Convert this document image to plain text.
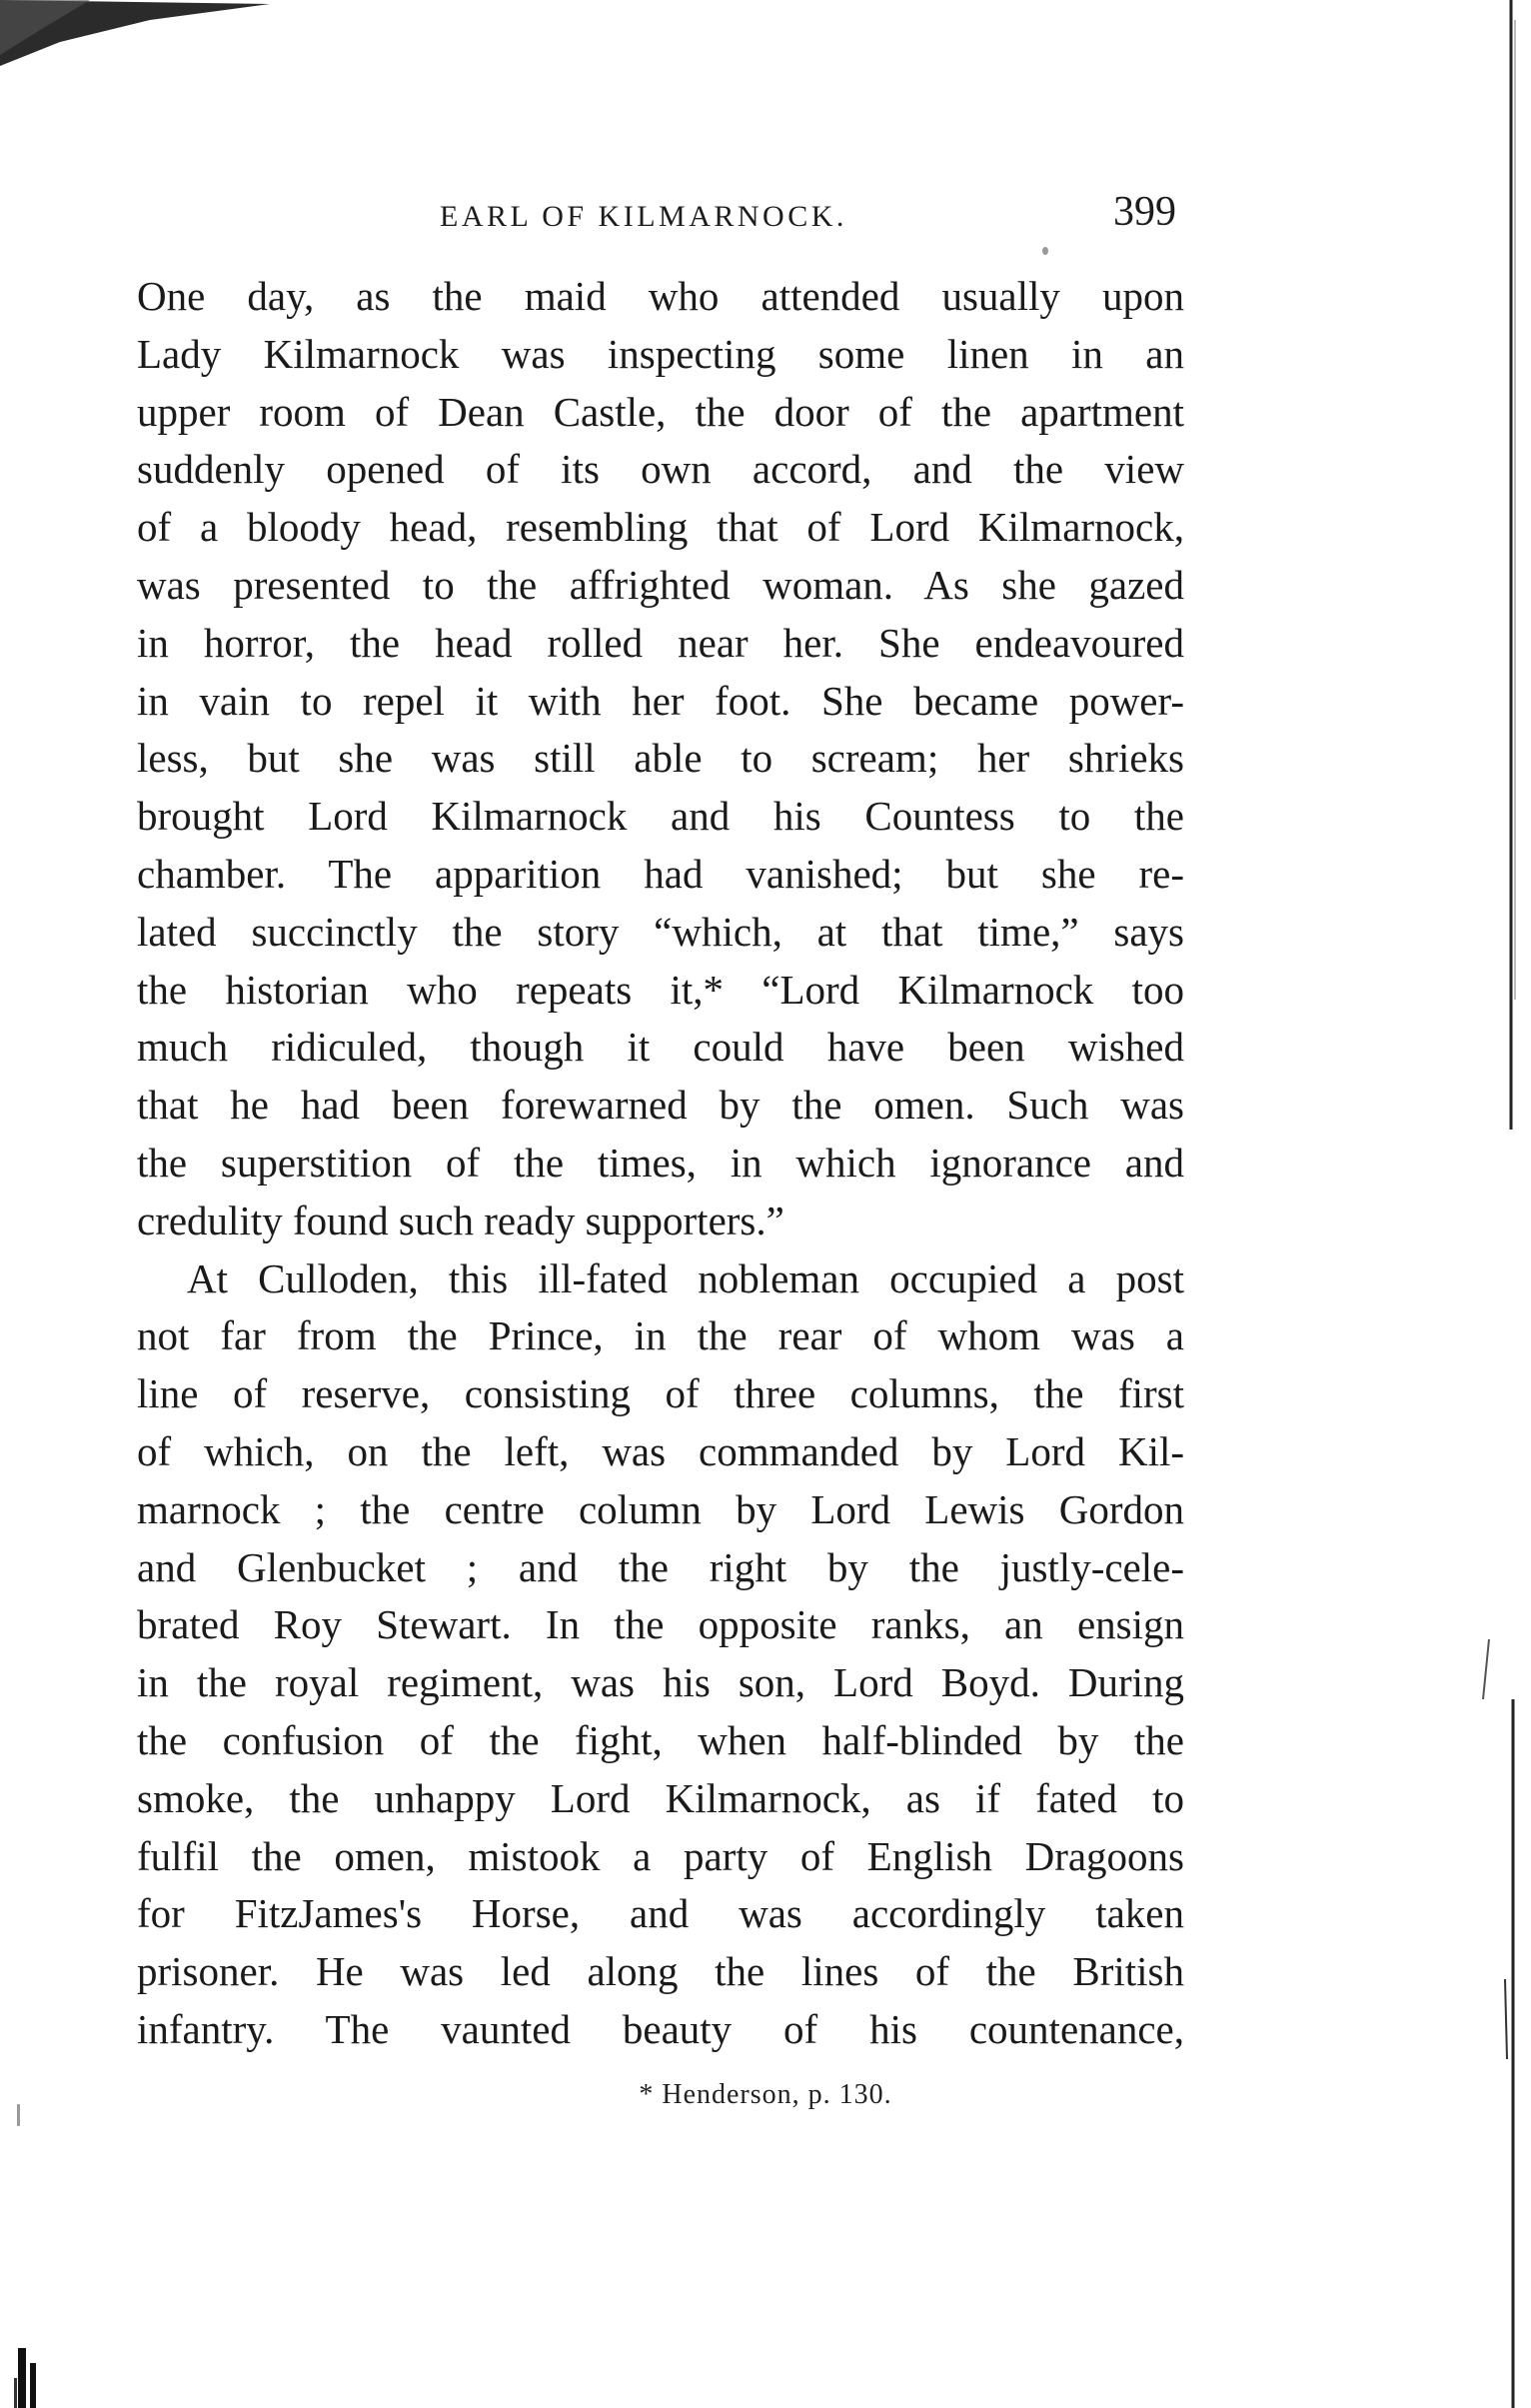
EARL OF KILMARNOCK.	399
One day, as the maid who attended usually upon
Lady Kilmarnock was inspecting some linen in an
upper room of Dean Castle, the door of the apartment
suddenly opened of its own accord, and the view
of a bloody head, resembling that of Lord Kilmarnock,
was presented to the affrighted woman. As she gazed
in horror, the head rolled near her. She endeavoured
in vain to repel it with her foot. She became power-
less, but she was still able to scream; her shrieks
brought Lord Kilmarnock and his Countess to the
chamber. The apparition had vanished; but she re-
lated succinctly the story “which, at that time,” says
the historian who repeats it,* “Lord Kilmarnock too
much ridiculed, though it could have been wished
that he had been forewarned by the omen. Such was
the superstition of the times, in which ignorance and
credulity found such ready supporters.”
At Culloden, this ill-fated nobleman occupied a post
not far from the Prince, in the rear of whom was a
line of reserve, consisting of three columns, the first
of which, on the left, was commanded by Lord Kil-
marnock ; the centre column by Lord Lewis Gordon
and Glenbucket ; and the right by the justly-cele-
brated Roy Stewart. In the opposite ranks, an ensign
in the royal regiment, was his son, Lord Boyd. During
the confusion of the fight, when half-blinded by the
smoke, the unhappy Lord Kilmarnock, as if fated to
fulfil the omen, mistook a party of English Dragoons
for FitzJames's Horse, and was accordingly taken
prisoner. He was led along the lines of the British
infantry. The vaunted beauty of his countenance,
* Henderson, p. 130.
